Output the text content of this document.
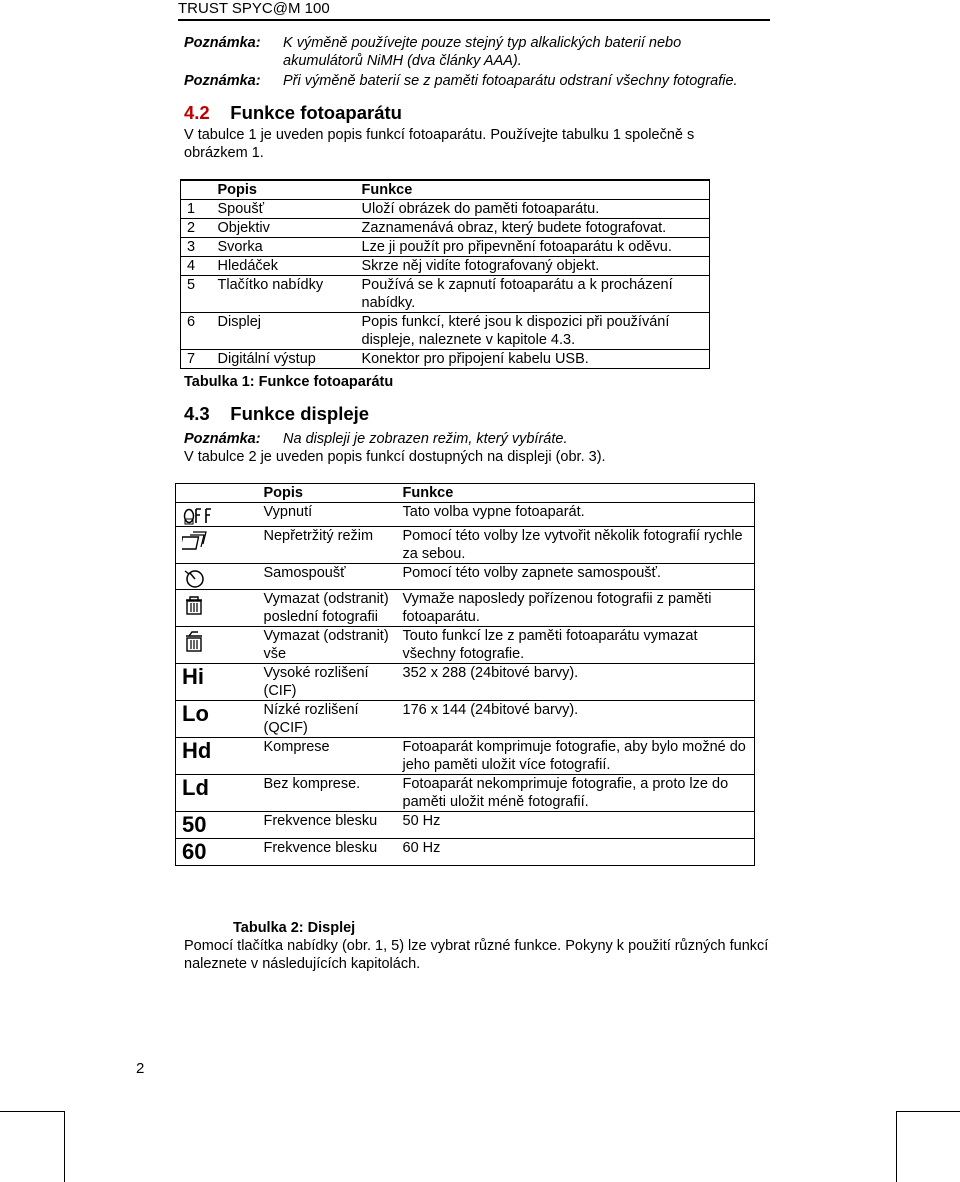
TRUST SPYC@M 100
Poznámka:	K výměně používejte pouze stejný typ alkalických baterií nebo akumulátorů NiMH (dva články AAA).
Poznámka:	Při výměně baterií se z paměti fotoaparátu odstraní všechny fotografie.
4.2 Funkce fotoaparátu
V tabulce 1 je uveden popis funkcí fotoaparátu. Používejte tabulku 1 společně s obrázkem 1.
	Popis	Funkce
1	Spoušť	Uloží obrázek do paměti fotoaparátu.
2	Objektiv	Zaznamenává obraz, který budete fotografovat.
3	Svorka	Lze ji použít pro připevnění fotoaparátu k oděvu.
4	Hledáček	Skrze něj vidíte fotografovaný objekt.
5	Tlačítko nabídky	Používá se k zapnutí fotoaparátu a k procházení nabídky.
6	Displej	Popis funkcí, které jsou k dispozici při používání displeje, naleznete v kapitole 4.3.
7	Digitální výstup	Konektor pro připojení kabelu USB.
Tabulka 1: Funkce fotoaparátu
4.3 Funkce displeje
Poznámka:	Na displeji je zobrazen režim, který vybíráte.
V tabulce 2 je uveden popis funkcí dostupných na displeji (obr. 3).
	Popis	Funkce

	Vypnutí	Tato volba vypne fotoaparát.

	Nepřetržitý režim	Pomocí této volby lze vytvořit několik fotografií rychle za sebou.

	Samospoušť	Pomocí této volby zapnete samospoušť.

	Vymazat (odstranit) poslední fotografii	Vymaže naposledy pořízenou fotografii z paměti fotoaparátu.

	Vymazat (odstranit) vše	Touto funkcí lze z paměti fotoaparátu vymazat všechny fotografie.
Hi	Vysoké rozlišení (CIF)	352 x 288 (24bitové barvy).
Lo	Nízké rozlišení (QCIF)	176 x 144 (24bitové barvy).
Hd	Komprese	Fotoaparát komprimuje fotografie, aby bylo možné do jeho paměti uložit více fotografií.
Ld	Bez komprese.	Fotoaparát nekomprimuje fotografie, a proto lze do paměti uložit méně fotografií.
50	Frekvence blesku	50 Hz
60	Frekvence blesku	60 Hz
Tabulka 2: Displej
Pomocí tlačítka nabídky (obr. 1, 5) lze vybrat různé funkce. Pokyny k použití různých funkcí naleznete v následujících kapitolách.
2
